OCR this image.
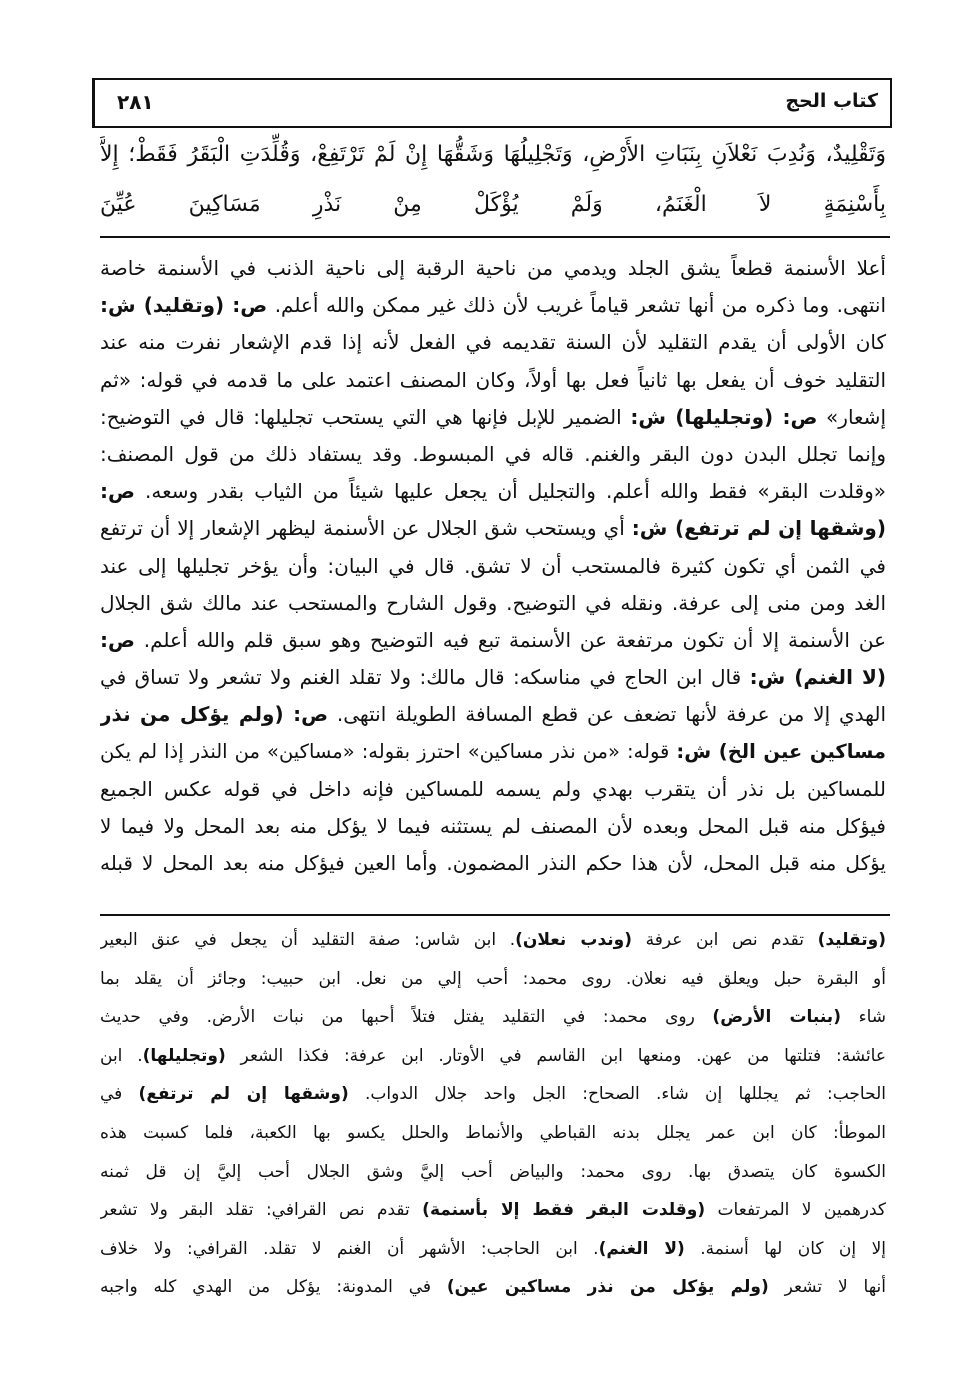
كتاب الحج
٢٨١
وَتَقْلِيدٌ، وَنُدِبَ نَعْلاَنِ بِنَبَاتِ الأَرْضِ، وَتَجْلِيلُهَا وَشَقُّهَا إِنْ لَمْ تَرْتَفِعْ، وَقُلِّدَتِ الْبَقَرُ فَقَطْ؛ إِلاَّ
بِأَسْنِمَةٍ لاَ الْغَنَمُ، وَلَمْ يُؤْكَلْ مِنْ نَذْرِ مَسَاكِينَ عُيِّنَ
أعلا الأسنمة قطعاً يشق الجلد ويدمي من ناحية الرقبة إلى ناحية الذنب في الأسنمة خاصة
انتهى. وما ذكره من أنها تشعر قياماً غريب لأن ذلك غير ممكن والله أعلم. ص: (وتقليد) ش:
كان الأولى أن يقدم التقليد لأن السنة تقديمه في الفعل لأنه إذا قدم الإشعار نفرت منه عند
التقليد خوف أن يفعل بها ثانياً فعل بها أولاً، وكان المصنف اعتمد على ما قدمه في قوله: «ثم
إشعار» ص: (وتجليلها) ش: الضمير للإبل فإنها هي التي يستحب تجليلها: قال في التوضيح:
وإنما تجلل البدن دون البقر والغنم. قاله في المبسوط. وقد يستفاد ذلك من قول المصنف:
«وقلدت البقر» فقط والله أعلم. والتجليل أن يجعل عليها شيئاً من الثياب بقدر وسعه. ص:
(وشقها إن لم ترتفع) ش: أي ويستحب شق الجلال عن الأسنمة ليظهر الإشعار إلا أن ترتفع
في الثمن أي تكون كثيرة فالمستحب أن لا تشق. قال في البيان: وأن يؤخر تجليلها إلى عند
الغد ومن منى إلى عرفة. ونقله في التوضيح. وقول الشارح والمستحب عند مالك شق الجلال
عن الأسنمة إلا أن تكون مرتفعة عن الأسنمة تبع فيه التوضيح وهو سبق قلم والله أعلم. ص:
(لا الغنم) ش: قال ابن الحاج في مناسكه: قال مالك: ولا تقلد الغنم ولا تشعر ولا تساق في
الهدي إلا من عرفة لأنها تضعف عن قطع المسافة الطويلة انتهى. ص: (ولم يؤكل من نذر
مساكين عين الخ) ش: قوله: «من نذر مساكين» احترز بقوله: «مساكين» من النذر إذا لم يكن
للمساكين بل نذر أن يتقرب بهدي ولم يسمه للمساكين فإنه داخل في قوله عكس الجميع
فيؤكل منه قبل المحل وبعده لأن المصنف لم يستثنه فيما لا يؤكل منه بعد المحل ولا فيما لا
يؤكل منه قبل المحل، لأن هذا حكم النذر المضمون. وأما العين فيؤكل منه بعد المحل لا قبله
(وتقليد) تقدم نص ابن عرفة (وندب نعلان). ابن شاس: صفة التقليد أن يجعل في عنق البعير
أو البقرة حبل ويعلق فيه نعلان. روى محمد: أحب إلي من نعل. ابن حبيب: وجائز أن يقلد بما
شاء (بنبات الأرض) روى محمد: في التقليد يفتل فتلاً أحبها من نبات الأرض. وفي حديث
عائشة: فتلتها من عهن. ومنعها ابن القاسم في الأوتار. ابن عرفة: فكذا الشعر (وتجليلها). ابن
الحاجب: ثم يجللها إن شاء. الصحاح: الجل واحد جلال الدواب. (وشقها إن لم ترتفع) في
الموطأ: كان ابن عمر يجلل بدنه القباطي والأنماط والحلل يكسو بها الكعبة، فلما كسبت هذه
الكسوة كان يتصدق بها. روى محمد: والبياض أحب إليَّ وشق الجلال أحب إليَّ إن قل ثمنه
كدرهمين لا المرتفعات (وقلدت البقر فقط إلا بأسنمة) تقدم نص القرافي: تقلد البقر ولا تشعر
إلا إن كان لها أسنمة. (لا الغنم). ابن الحاجب: الأشهر أن الغنم لا تقلد. القرافي: ولا خلاف
أنها لا تشعر (ولم يؤكل من نذر مساكين عين) في المدونة: يؤكل من الهدي كله واجبه
